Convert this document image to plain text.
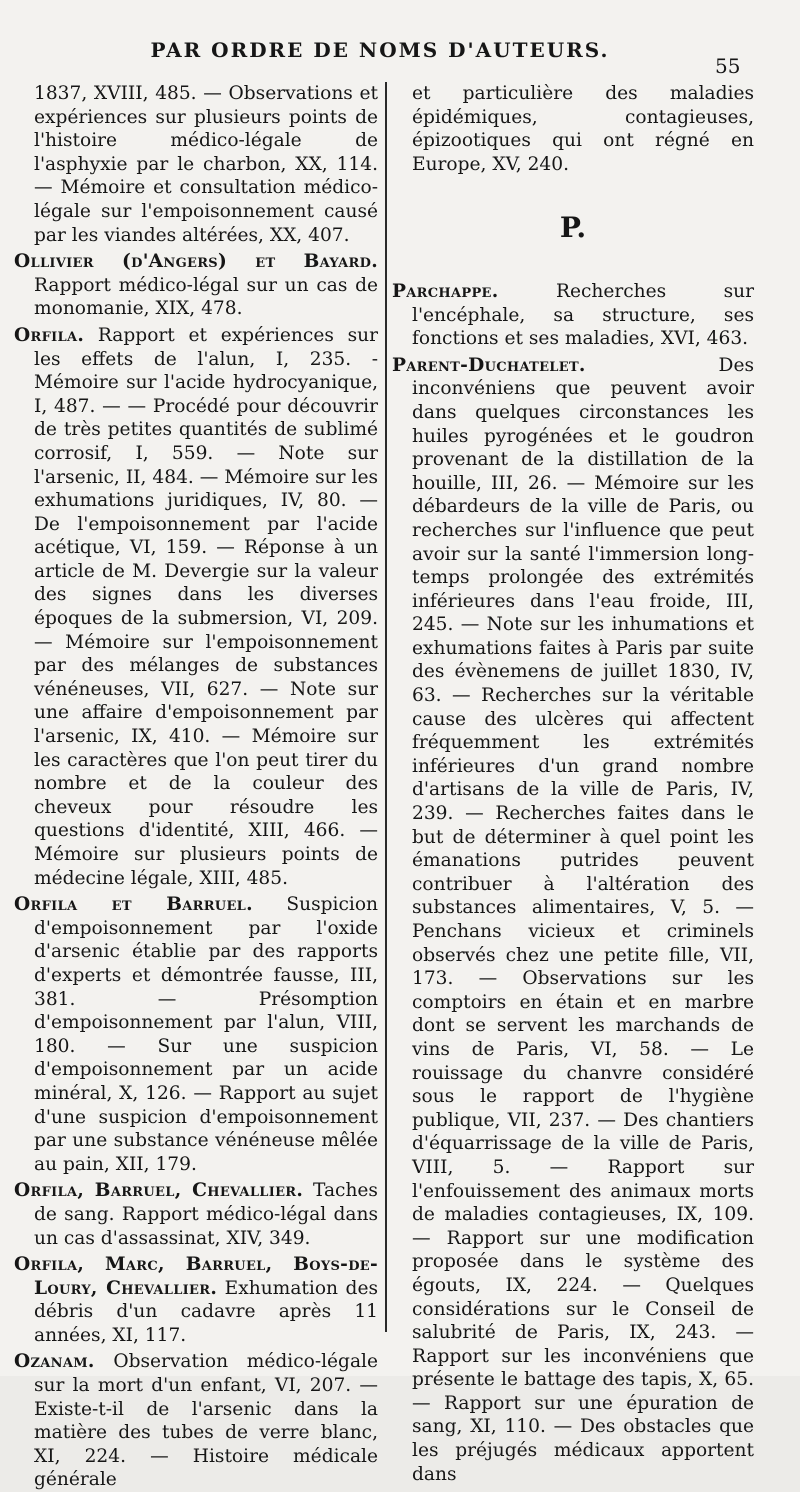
PAR ORDRE DE NOMS D'AUTEURS.
55

1837, XVIII, 485. — Observations et expériences sur plusieurs points de l'histoire médico-légale de l'asphyxie par le charbon, XX, 114. — Mémoire et consultation médico-légale sur l'empoisonnement causé par les viandes altérées, XX, 407.

Ollivier (d'Angers) et Bayard. Rapport médico-légal sur un cas de monomanie, XIX, 478.

Orfila. Rapport et expériences sur les effets de l'alun, I, 235. - Mémoire sur l'acide hydrocyanique, I, 487. — — Procédé pour découvrir de très petites quantités de sublimé corrosif, I, 559. — Note sur l'arsenic, II, 484. — Mémoire sur les exhumations juridiques, IV, 80. — De l'empoisonnement par l'acide acétique, VI, 159. — Réponse à un article de M. Devergie sur la valeur des signes dans les diverses époques de la submersion, VI, 209. — Mémoire sur l'empoisonnement par des mélanges de substances vénéneuses, VII, 627. — Note sur une affaire d'empoisonnement par l'arsenic, IX, 410. — Mémoire sur les caractères que l'on peut tirer du nombre et de la couleur des cheveux pour résoudre les questions d'identité, XIII, 466. — Mémoire sur plusieurs points de médecine légale, XIII, 485.

Orfila et Barruel. Suspicion d'empoisonnement par l'oxide d'arsenic établie par des rapports d'experts et démontrée fausse, III, 381. — Présomption d'empoisonnement par l'alun, VIII, 180. — Sur une suspicion d'empoisonnement par un acide minéral, X, 126. — Rapport au sujet d'une suspicion d'empoisonnement par une substance vénéneuse mêlée au pain, XII, 179.

Orfila, Barruel, Chevallier. Taches de sang. Rapport médico-légal dans un cas d'assassinat, XIV, 349.

Orfila, Marc, Barruel, Boys-de-Loury, Chevallier. Exhumation des débris d'un cadavre après 11 années, XI, 117.

Ozanam. Observation médico-légale sur la mort d'un enfant, VI, 207. — Existe-t-il de l'arsenic dans la matière des tubes de verre blanc, XI, 224. — Histoire médicale générale

et particulière des maladies épidémiques, contagieuses, épizootiques qui ont régné en Europe, XV, 240.

P.

Parchappe.	Recherches sur l'encéphale, sa structure, ses fonctions et ses maladies, XVI, 463.

Parent-Duchatelet.	Des inconvéniens que peuvent avoir dans quelques circonstances les huiles pyrogénées et le goudron provenant de la distillation de la houille, III, 26. — Mémoire sur les débardeurs de la ville de Paris, ou recherches sur l'influence que peut avoir sur la santé l'immersion long-temps prolongée des extrémités inférieures dans l'eau froide, III, 245. — Note sur les inhumations et exhumations faites à Paris par suite des évènemens de juillet 1830, IV, 63. — Recherches sur la véritable cause des ulcères qui affectent fréquemment les extrémités inférieures d'un grand nombre d'artisans de la ville de Paris, IV, 239. — Recherches faites dans le but de déterminer à quel point les émanations putrides peuvent contribuer à l'altération des substances alimentaires, V, 5. — Penchans vicieux et criminels observés chez une petite fille, VII, 173. — Observations sur les comptoirs en étain et en marbre dont se servent les marchands de vins de Paris, VI, 58. — Le rouissage du chanvre considéré sous le rapport de l'hygiène publique, VII, 237. — Des chantiers d'équarrissage de la ville de Paris, VIII, 5. — Rapport sur l'enfouissement des animaux morts de maladies contagieuses, IX, 109. — Rapport sur une modification proposée dans le système des égouts, IX, 224. — Quelques considérations sur le Conseil de salubrité de Paris, IX, 243. — Rapport sur les inconvéniens que présente le battage des tapis, X, 65. — Rapport sur une épuration de sang, XI, 110. — Des obstacles que les préjugés médicaux apportent dans
